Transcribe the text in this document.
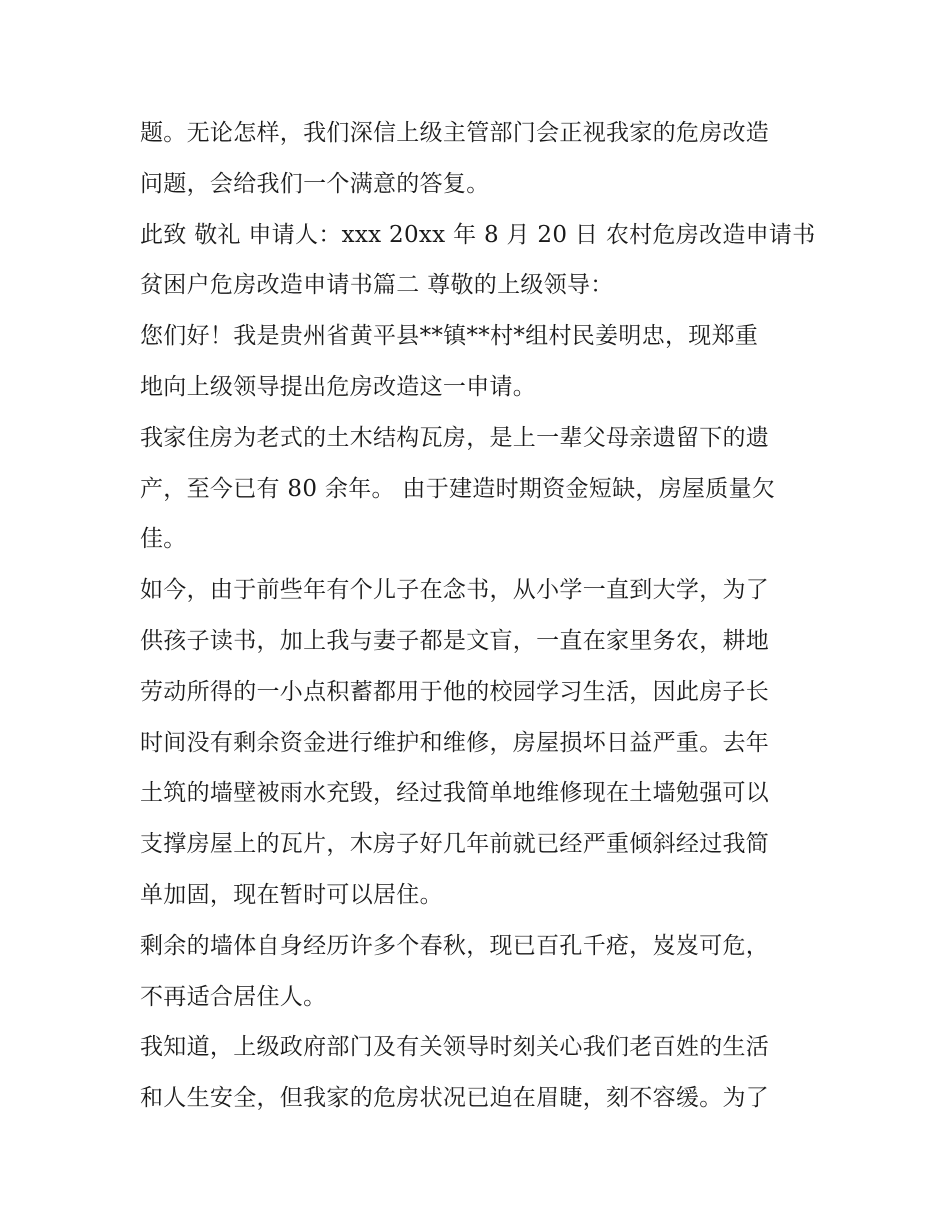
题。无论怎样，我们深信上级主管部门会正视我家的危房改造
问题，会给我们一个满意的答复。
此致 敬礼 申请人：xxx 20xx 年 8 月 20 日 农村危房改造申请书
贫困户危房改造申请书篇二 尊敬的上级领导：
您们好！我是贵州省黄平县**镇**村*组村民姜明忠，现郑重
地向上级领导提出危房改造这一申请。
我家住房为老式的土木结构瓦房，是上一辈父母亲遗留下的遗
产，至今已有 80 余年。 由于建造时期资金短缺，房屋质量欠
佳。
如今，由于前些年有个儿子在念书，从小学一直到大学，为了
供孩子读书，加上我与妻子都是文盲，一直在家里务农，耕地
劳动所得的一小点积蓄都用于他的校园学习生活，因此房子长
时间没有剩余资金进行维护和维修，房屋损坏日益严重。去年
土筑的墙壁被雨水充毁，经过我简单地维修现在土墙勉强可以
支撑房屋上的瓦片，木房子好几年前就已经严重倾斜经过我简
单加固，现在暂时可以居住。
剩余的墙体自身经历许多个春秋，现已百孔千疮，岌岌可危，
不再适合居住人。
我知道，上级政府部门及有关领导时刻关心我们老百姓的生活
和人生安全，但我家的危房状况已迫在眉睫，刻不容缓。为了
